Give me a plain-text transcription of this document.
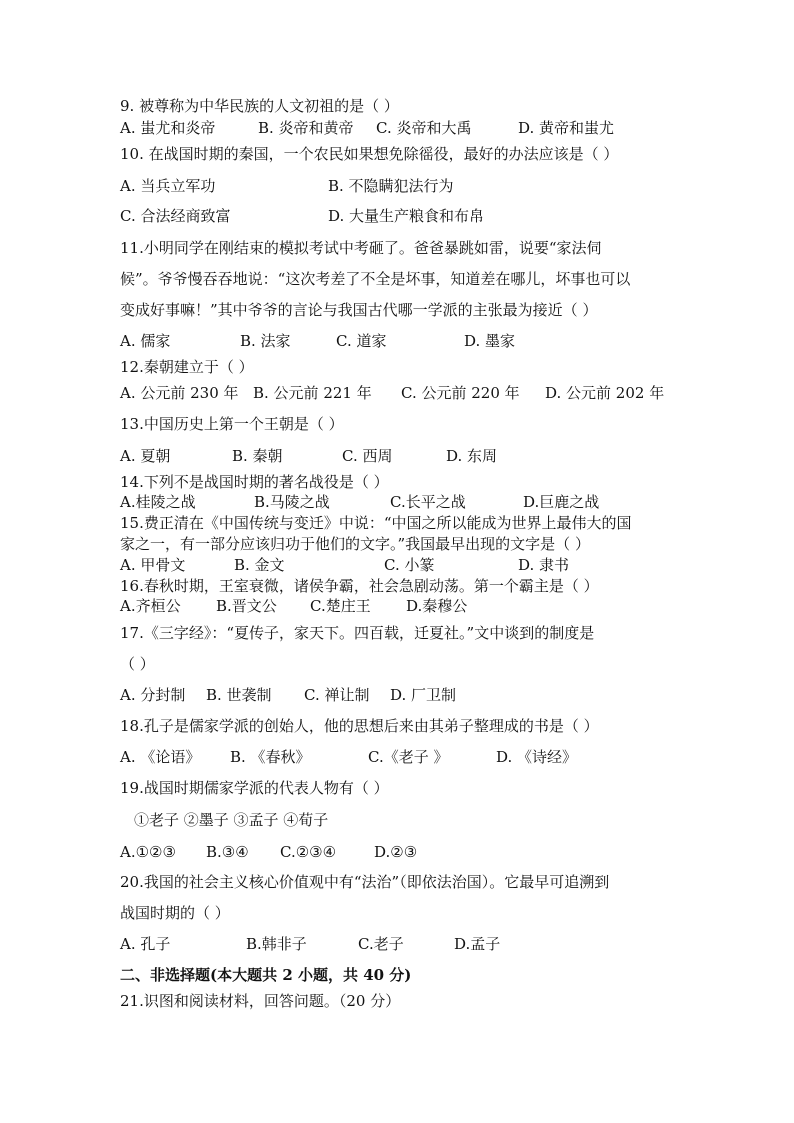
9. 被尊称为中华民族的人文初祖的是（ ）
A. 蚩尤和炎帝	B. 炎帝和黄帝 C. 炎帝和大禹	D. 黄帝和蚩尤
10. 在战国时期的秦国，一个农民如果想免除徭役，最好的办法应该是（ ）
A. 当兵立军功	B. 不隐瞒犯法行为
C. 合法经商致富	D. 大量生产粮食和布帛
11.小明同学在刚结束的模拟考试中考砸了。爸爸暴跳如雷，说要“家法伺
候”。爷爷慢吞吞地说：“这次考差了不全是坏事，知道差在哪儿，坏事也可以
变成好事嘛！”其中爷爷的言论与我国古代哪一学派的主张最为接近（ ）
A. 儒家	B. 法家	C. 道家	D. 墨家
12.秦朝建立于（ ）
A. 公元前 230 年 B. 公元前 221 年 C. 公元前 220 年 D. 公元前 202 年
13.中国历史上第一个王朝是（ ）
A. 夏朝	B. 秦朝	C. 西周	D. 东周
14.下列不是战国时期的著名战役是（ ）
A.桂陵之战	B.马陵之战	C.长平之战	D.巨鹿之战
15.费正清在《中国传统与变迁》中说：“中国之所以能成为世界上最伟大的国
家之一，有一部分应该归功于他们的文字。”我国最早出现的文字是（ ）
A. 甲骨文	B. 金文	C. 小篆	D. 隶书
16.春秋时期，王室衰微，诸侯争霸，社会急剧动荡。第一个霸主是（ ）
A.齐桓公 B.晋文公 C.楚庄王 D.秦穆公
17.《三字经》：“夏传子，家天下。四百载，迁夏社。”文中谈到的制度是
（ ）
A. 分封制 B. 世袭制 C. 禅让制 D. 厂卫制
18.孔子是儒家学派的创始人，他的思想后来由其弟子整理成的书是（ ）
A. 《论语》 B. 《春秋》	C.《老子 》	D. 《诗经》
19.战国时期儒家学派的代表人物有（ ）
①老子 ②墨子 ③孟子 ④荀子
A.①②③ B.③④ C.②③④	D.②③
20.我国的社会主义核心价值观中有“法治”（即依法治国）。它最早可追溯到
战国时期的（ ）
A. 孔子	B.韩非子	C.老子	D.孟子
二、非选择题(本大题共 2 小题，共 40 分)
21.识图和阅读材料，回答问题。（20 分）
